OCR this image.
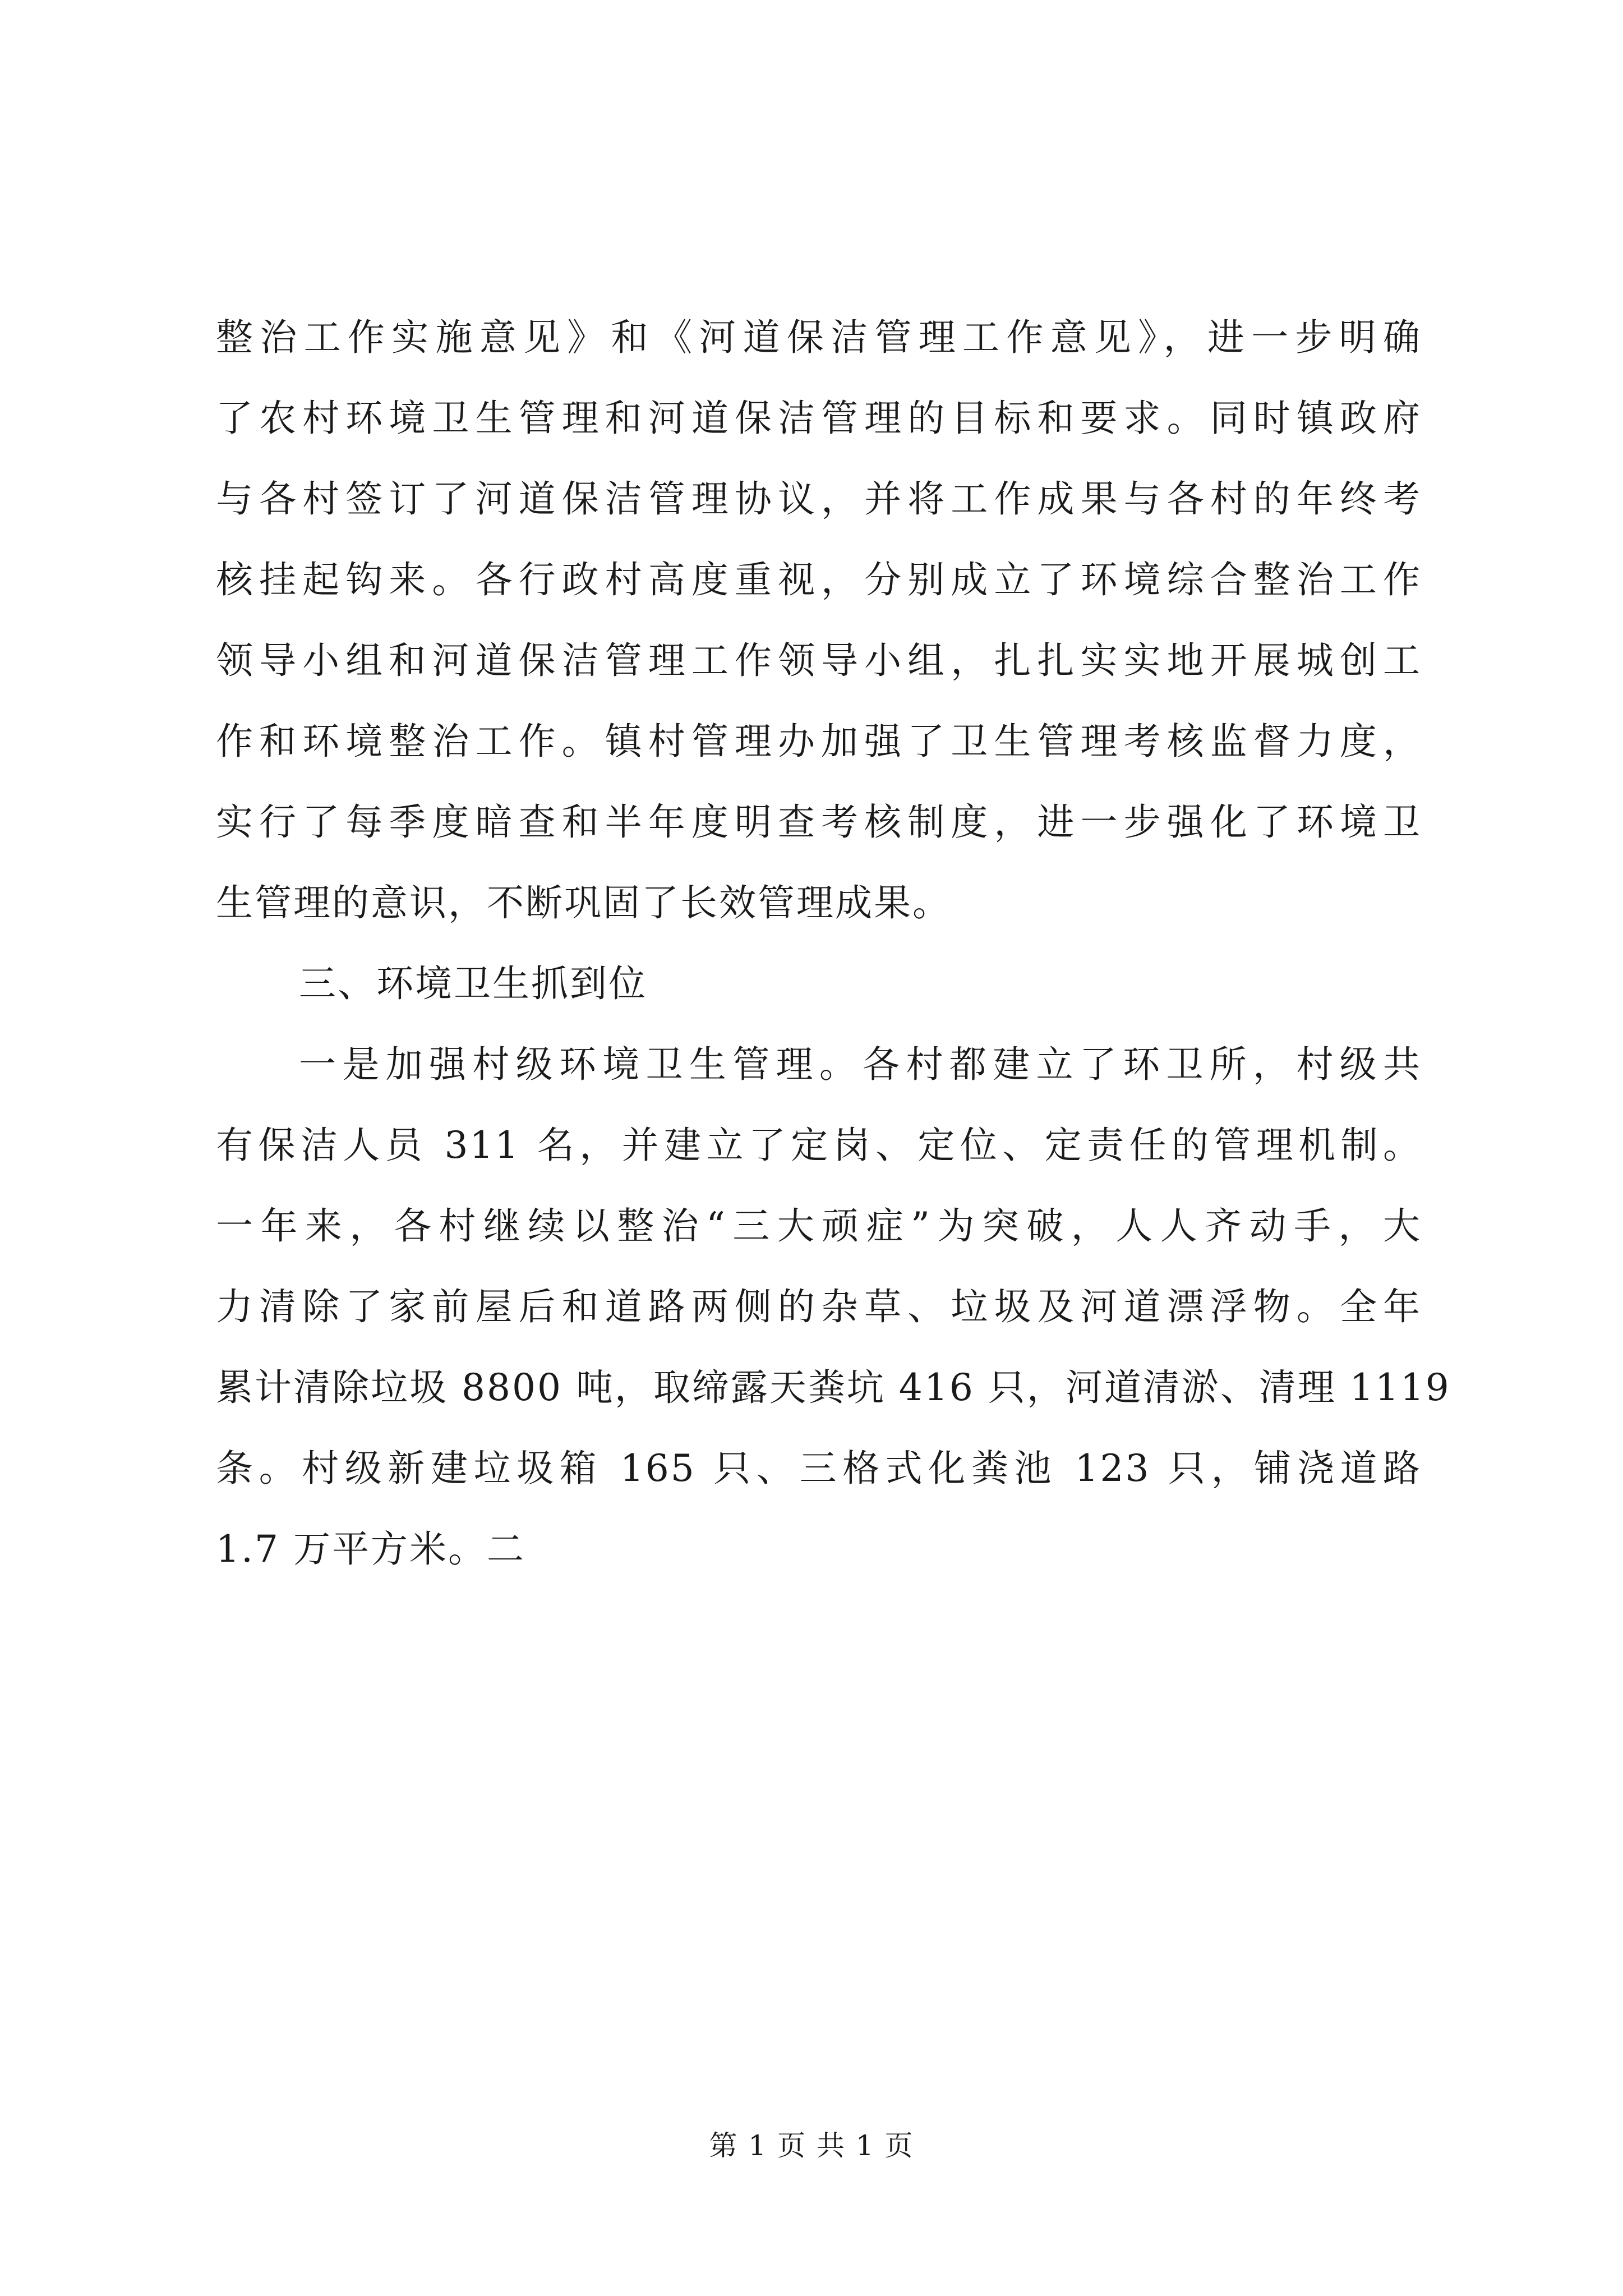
整治工作实施意见》和《河道保洁管理工作意见》，进一步明确
了农村环境卫生管理和河道保洁管理的目标和要求。同时镇政府
与各村签订了河道保洁管理协议，并将工作成果与各村的年终考
核挂起钩来。各行政村高度重视，分别成立了环境综合整治工作
领导小组和河道保洁管理工作领导小组，扎扎实实地开展城创工
作和环境整治工作。镇村管理办加强了卫生管理考核监督力度，
实行了每季度暗查和半年度明查考核制度，进一步强化了环境卫
生管理的意识，不断巩固了长效管理成果。
三、环境卫生抓到位
一是加强村级环境卫生管理。各村都建立了环卫所，村级共
有保洁人员 311 名，并建立了定岗、定位、定责任的管理机制。
一年来，各村继续以整治“三大顽症”为突破，人人齐动手，大
力清除了家前屋后和道路两侧的杂草、垃圾及河道漂浮物。全年
累计清除垃圾 8800 吨，取缔露天粪坑 416 只，河道清淤、清理 1119
条。村级新建垃圾箱 165 只、三格式化粪池 123 只，铺浇道路
1.7 万平方米。二
第 1 页 共 1 页
